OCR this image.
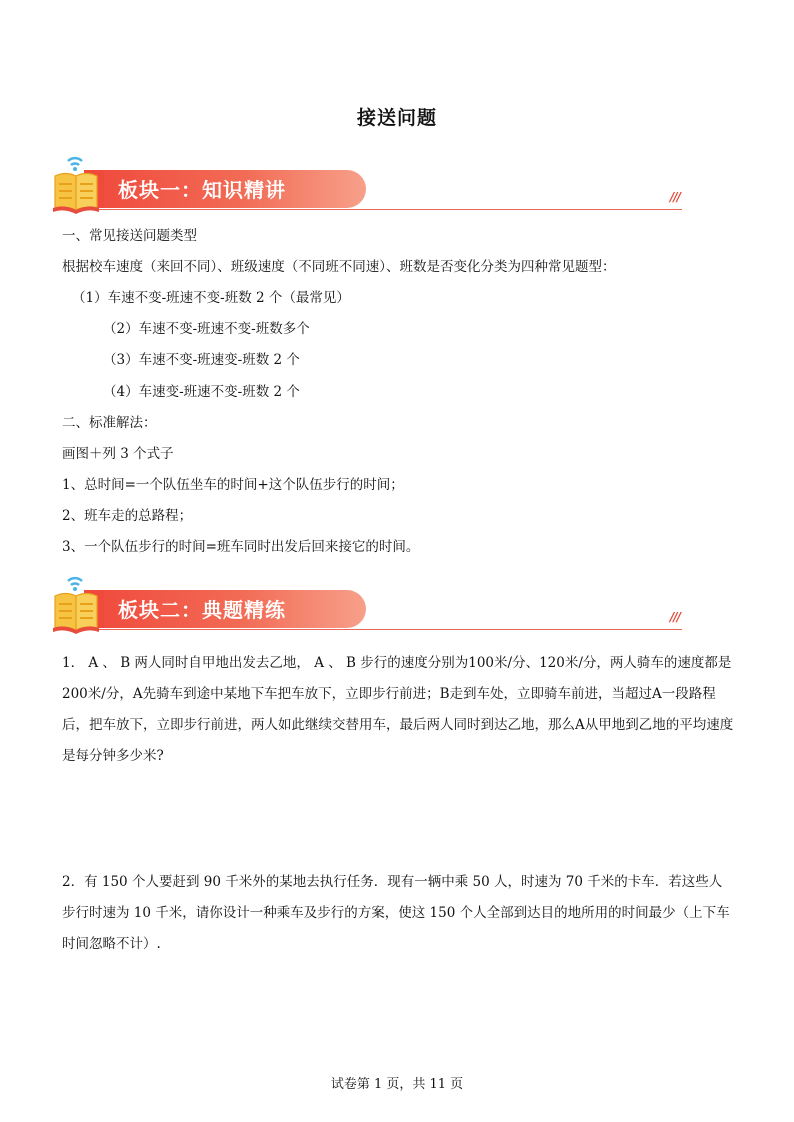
接送问题
板块一：知识精讲	///
一、常见接送问题类型
根据校车速度（来回不同）、班级速度（不同班不同速）、班数是否变化分类为四种常见题型：
（1）车速不变-班速不变-班数 2 个（最常见）
（2）车速不变-班速不变-班数多个
（3）车速不变-班速变-班数 2 个
（4）车速变-班速不变-班数 2 个
二、标准解法：
画图＋列 3 个式子
1、总时间=一个队伍坐车的时间+这个队伍步行的时间；
2、班车走的总路程；
3、一个队伍步行的时间=班车同时出发后回来接它的时间。
板块二：典题精练	///
1． A 、 B 两人同时自甲地出发去乙地， A 、 B 步行的速度分别为100米/分、120米/分，两人骑车的速度都是200米/分，A先骑车到途中某地下车把车放下，立即步行前进；B走到车处，立即骑车前进，当超过A一段路程后，把车放下，立即步行前进，两人如此继续交替用车，最后两人同时到达乙地，那么A从甲地到乙地的平均速度是每分钟多少米?
2．有 150 个人要赶到 90 千米外的某地去执行任务．现有一辆中乘 50 人，时速为 70 千米的卡车．若这些人步行时速为 10 千米，请你设计一种乘车及步行的方案，使这 150 个人全部到达目的地所用的时间最少（上下车时间忽略不计）.
试卷第 1 页，共 11 页
